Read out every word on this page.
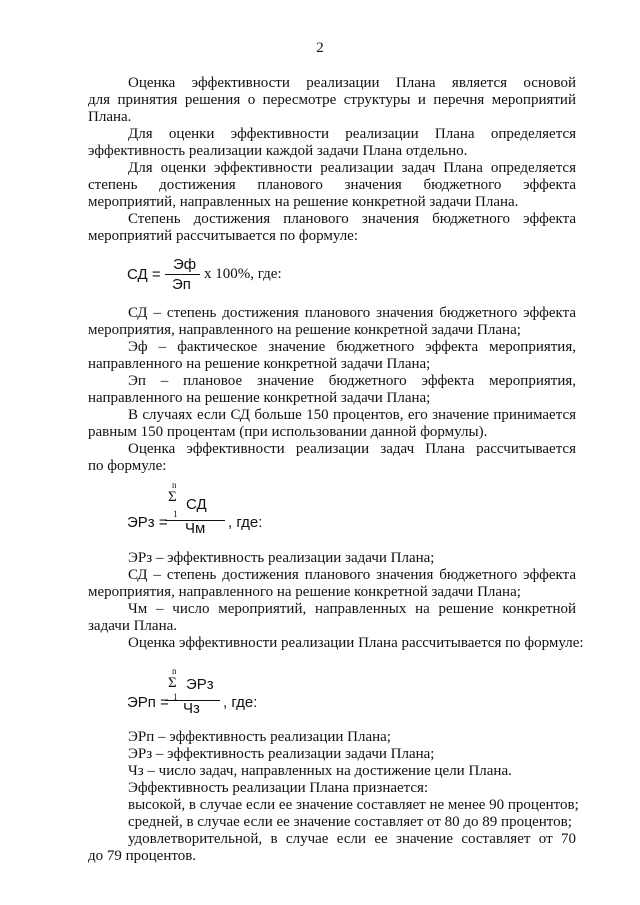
2
Оценка эффективности реализации Плана является основой
для принятия решения о пересмотре структуры и перечня мероприятий
Плана.
Для оценки эффективности реализации Плана определяется
эффективность реализации каждой задачи Плана отдельно.
Для оценки эффективности реализации задач Плана определяется
степень достижения планового значения бюджетного эффекта
мероприятий, направленных на решение конкретной задачи Плана.
Степень достижения планового значения бюджетного эффекта
мероприятий рассчитывается по формуле:
СД =
Эф
Эп
x 100%, где:
СД – степень достижения планового значения бюджетного эффекта
мероприятия, направленного на решение конкретной задачи Плана;
Эф – фактическое значение бюджетного эффекта мероприятия,
направленного на решение конкретной задачи Плана;
Эп – плановое значение бюджетного эффекта мероприятия,
направленного на решение конкретной задачи Плана;
В случаях если СД больше 150 процентов, его значение принимается
равным 150 процентам (при использовании данной формулы).
Оценка эффективности реализации задач Плана рассчитывается
по формуле:
n
Σ СД
1
ЭРз = Чм , где:
ЭРз – эффективность реализации задачи Плана;
СД – степень достижения планового значения бюджетного эффекта
мероприятия, направленного на решение конкретной задачи Плана;
Чм – число мероприятий, направленных на решение конкретной
задачи Плана.
Оценка эффективности реализации Плана рассчитывается по формуле:
n
Σ ЭРз
1
ЭРп = Чз , где:
ЭРп – эффективность реализации Плана;
ЭРз – эффективность реализации задачи Плана;
Чз – число задач, направленных на достижение цели Плана.
Эффективность реализации Плана признается:
высокой, в случае если ее значение составляет не менее 90 процентов;
средней, в случае если ее значение составляет от 80 до 89 процентов;
удовлетворительной, в случае если ее значение составляет от 70
до 79 процентов.
